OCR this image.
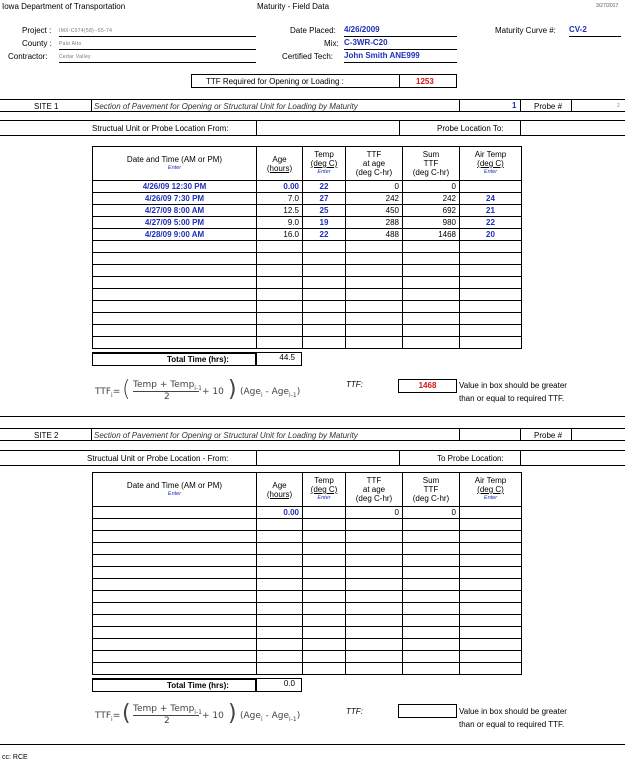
Iowa Department of Transportation	Maturity - Field Data	3/27/2017
Project : IMX-C074(58)--55-74
County : Palo Alto
Contractor: Cedar Valley
Date Placed: 4/26/2009
Mix: C-3WR-C20
Certified Tech: John Smith ANE999
Maturity Curve #: CV-2
TTF Required for Opening or Loading :	1253
SITE 1	Section of Pavement for Opening or Structural Unit for Loading by Maturity	1 Probe #	2
Structual Unit or Probe Location From:	Probe Location To:
Date and Time (AM or PM)
Enter	Age
(hours)	Temp
(deg C)
Enter	TTF
at age
(deg C-hr)	Sum
TTF
(deg C-hr)	Air Temp
(deg C)
Enter

4/26/09 12:30 PM	0.00	22	0	0	
4/26/09 7:30 PM	7.0	27	242	242	24
4/27/09 8:00 AM	12.5	25	450	692	21
4/27/09 5:00 PM	9.0	19	288	980	22
4/28/09 9:00 AM	16.0	22	488	1468	20

Total Time (hrs):	44.5
$TTF_i=$ ( Temp + Temp$_{i-1}$
2	+ 10 ) (Age$_i$ - Age$_{i-1}$)
TTF:	1468	Value in box should be greater
than or equal to required TTF.
SITE 2	Section of Pavement for Opening or Structural Unit for Loading by Maturity	Probe #
Structual Unit or Probe Location - From:	To Probe Location:
Date and Time (AM or PM)
Enter	Age
(hours)	Temp
(deg C)
Enter	TTF
at age
(deg C-hr)	Sum
TTF
(deg C-hr)	Air Temp
(deg C)
Enter

	0.00		0	0	

Total Time (hrs):	0.0
$TTF_i=$ ( Temp + Temp$_{i-1}$
2	+ 10 ) (Age$_i$ - Age$_{i-1}$)	TTF:	Value in box should be greater
than or equal to required TTF.
cc: RCE
